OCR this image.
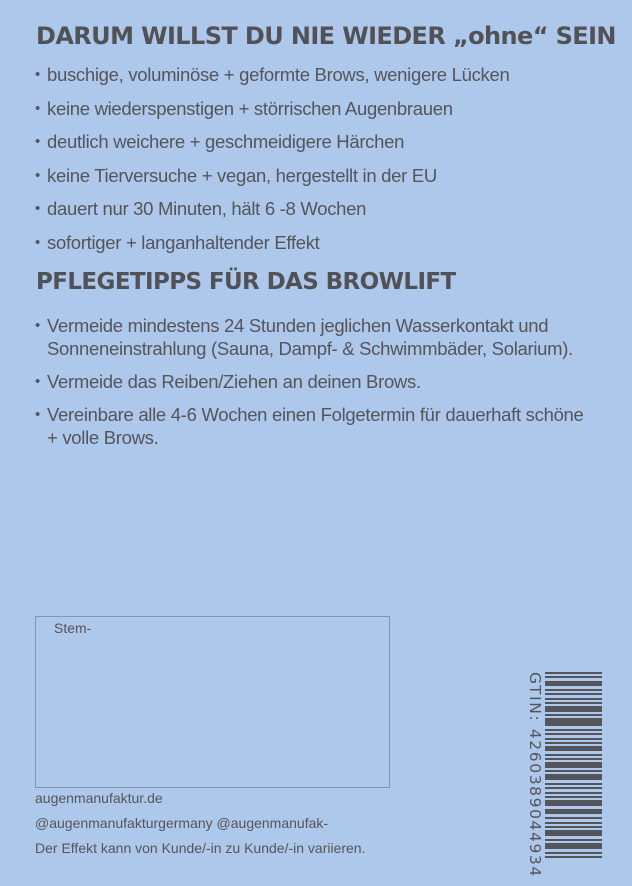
DARUM WILLST DU NIE WIEDER „ohne“ SEIN
• buschige, voluminöse + geformte Brows, wenigere Lücken
• keine wiederspenstigen + störrischen Augenbrauen
• deutlich weichere + geschmeidigere Härchen
• keine Tierversuche + vegan, hergestellt in der EU
• dauert nur 30 Minuten, hält 6 -8 Wochen
• sofortiger + langanhaltender Effekt
PFLEGETIPPS FÜR DAS BROWLIFT
• Vermeide mindestens 24 Stunden jeglichen Wasserkontakt und Sonneneinstrahlung (Sauna, Dampf- & Schwimmbäder, Solarium).
• Vermeide das Reiben/Ziehen an deinen Brows.
• Vereinbare alle 4-6 Wochen einen Folgetermin für dauerhaft schöne + volle Brows.
Stem-
augenmanufaktur.de
@augenmanufakturgermany @augenmanufak-
Der Effekt kann von Kunde/-in zu Kunde/-in variieren.	GTIN: 4260389044934
